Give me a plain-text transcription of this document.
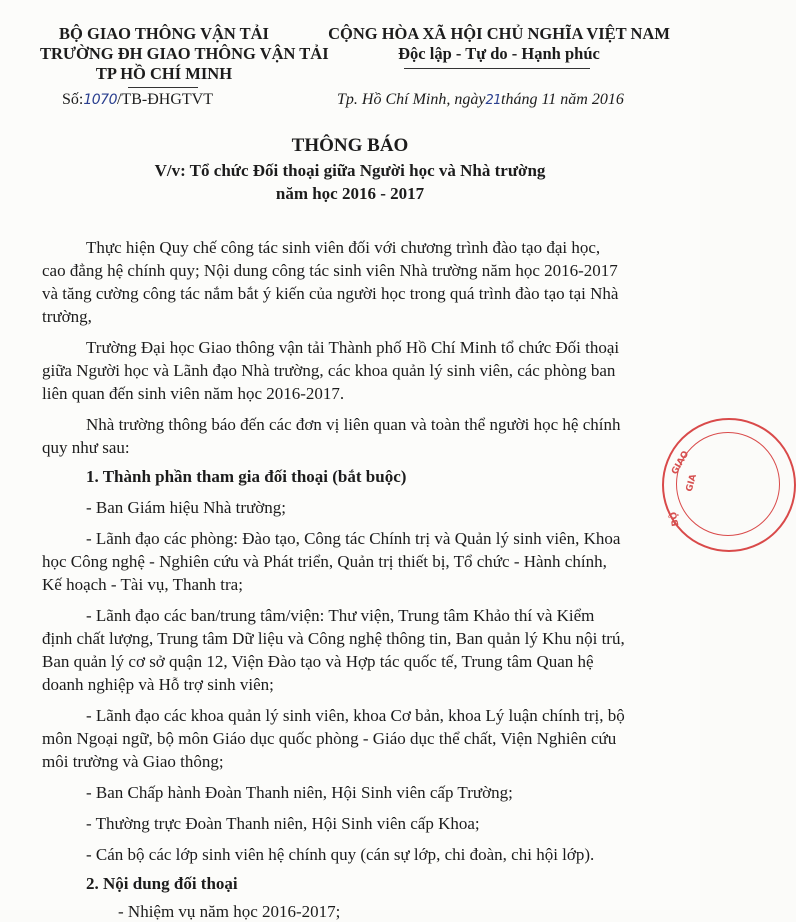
BỘ GIAO THÔNG VẬN TẢI
TRƯỜNG ĐH GIAO THÔNG VẬN TẢI
TP HỒ CHÍ MINH
CỘNG HÒA XÃ HỘI CHỦ NGHĨA VIỆT NAM
Độc lập - Tự do - Hạnh phúc
Số:1070/TB-ĐHGTVT	Tp. Hồ Chí Minh, ngày21tháng 11 năm 2016
THÔNG BÁO
V/v: Tổ chức Đối thoại giữa Người học và Nhà trường
năm học 2016 - 2017
Thực hiện Quy chế công tác sinh viên đối với chương trình đào tạo đại học,
cao đẳng hệ chính quy; Nội dung công tác sinh viên Nhà trường năm học 2016-2017
và tăng cường công tác nắm bắt ý kiến của người học trong quá trình đào tạo tại Nhà
trường,
Trường Đại học Giao thông vận tải Thành phố Hồ Chí Minh tổ chức Đối thoại
giữa Người học và Lãnh đạo Nhà trường, các khoa quản lý sinh viên, các phòng ban
liên quan đến sinh viên năm học 2016-2017.
Nhà trường thông báo đến các đơn vị liên quan và toàn thể người học hệ chính
quy như sau:
1. Thành phần tham gia đối thoại (bắt buộc)
- Ban Giám hiệu Nhà trường;
- Lãnh đạo các phòng: Đào tạo, Công tác Chính trị và Quản lý sinh viên, Khoa
học Công nghệ - Nghiên cứu và Phát triển, Quản trị thiết bị, Tổ chức - Hành chính,
Kế hoạch - Tài vụ, Thanh tra;
- Lãnh đạo các ban/trung tâm/viện: Thư viện, Trung tâm Khảo thí và Kiểm
định chất lượng, Trung tâm Dữ liệu và Công nghệ thông tin, Ban quản lý Khu nội trú,
Ban quản lý cơ sở quận 12, Viện Đào tạo và Hợp tác quốc tế, Trung tâm Quan hệ
doanh nghiệp và Hỗ trợ sinh viên;
- Lãnh đạo các khoa quản lý sinh viên, khoa Cơ bản, khoa Lý luận chính trị, bộ
môn Ngoại ngữ, bộ môn Giáo dục quốc phòng - Giáo dục thể chất, Viện Nghiên cứu
môi trường và Giao thông;
- Ban Chấp hành Đoàn Thanh niên, Hội Sinh viên cấp Trường;
- Thường trực Đoàn Thanh niên, Hội Sinh viên cấp Khoa;
- Cán bộ các lớp sinh viên hệ chính quy (cán sự lớp, chi đoàn, chi hội lớp).
2. Nội dung đối thoại
- Nhiệm vụ năm học 2016-2017;
GIAO
GIA
BỘ
